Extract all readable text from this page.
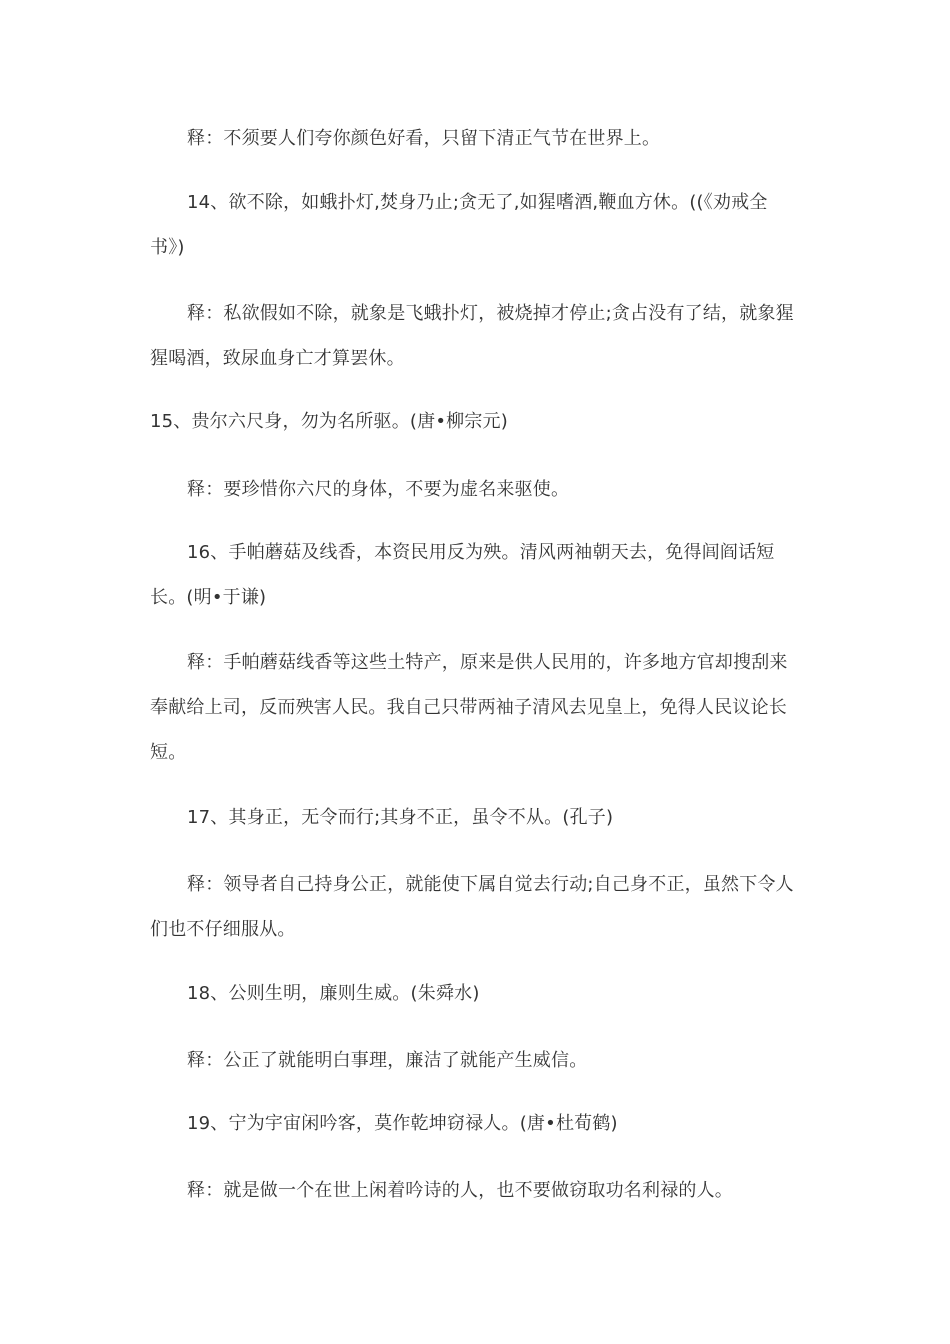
释：不须要人们夸你颜色好看，只留下清正气节在世界上。

14、欲不除，如蛾扑灯,焚身乃止;贪无了,如猩嗜酒,鞭血方休。((《劝戒全书》)

释：私欲假如不除，就象是飞蛾扑灯，被烧掉才停止;贪占没有了结，就象猩猩喝酒，致尿血身亡才算罢休。

15、贵尔六尺身，勿为名所驱。(唐•柳宗元)

释：要珍惜你六尺的身体，不要为虚名来驱使。

16、手帕蘑菇及线香，本资民用反为殃。清风两袖朝天去，免得闾阎话短长。(明•于谦)

释：手帕蘑菇线香等这些土特产，原来是供人民用的，许多地方官却搜刮来奉献给上司，反而殃害人民。我自己只带两袖子清风去见皇上，免得人民议论长短。

17、其身正，无令而行;其身不正，虽令不从。(孔子)

释：领导者自己持身公正，就能使下属自觉去行动;自己身不正，虽然下令人们也不仔细服从。

18、公则生明，廉则生威。(朱舜水)

释：公正了就能明白事理，廉洁了就能产生威信。

19、宁为宇宙闲吟客，莫作乾坤窃禄人。(唐•杜荀鹤)

释：就是做一个在世上闲着吟诗的人，也不要做窃取功名利禄的人。
